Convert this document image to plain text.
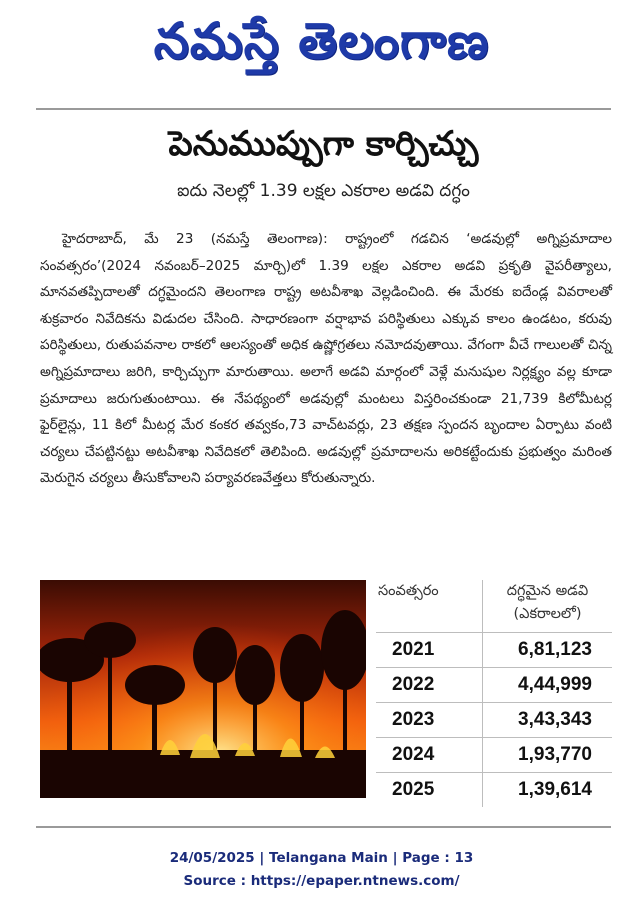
నమస్తే తెలంగాణ
పెనుముప్పుగా కార్చిచ్చు
ఐదు నెలల్లో 1.39 లక్షల ఎకరాల అడవి దగ్ధం

హైదరాబాద్, మే 23 (నమస్తే తెలంగాణ): రాష్ట్రంలో గడచిన ‘అడవుల్లో అగ్నిప్రమాదాల సంవత్సరం’(2024 నవంబర్–2025 మార్చి)లో 1.39 లక్షల ఎకరాల అడవి ప్రకృతి వైపరీత్యాలు, మానవతప్పిదాలతో దగ్ధమైందని తెలంగాణ రాష్ట్ర అటవీశాఖ వెల్లడించింది. ఈ మేరకు ఐదేండ్ల వివరాలతో శుక్రవారం నివేదికను విడుదల చేసింది. సాధారణంగా వర్షాభావ పరిస్థితులు ఎక్కువ కాలం ఉండటం, కరువు పరిస్థితులు, రుతుపవనాల రాకలో ఆలస్యంతో అధిక ఉష్ణోగ్రతలు నమోదవుతాయి. వేగంగా వీచే గాలులతో చిన్న అగ్నిప్రమాదాలు జరిగి, కార్చిచ్చుగా మారుతాయి. అలాగే అడవి మార్గంలో వెళ్లే మనుషుల నిర్లక్ష్యం వల్ల కూడా ప్రమాదాలు జరుగుతుంటాయి. ఈ నేపథ్యంలో అడవుల్లో మంటలు విస్తరించకుండా 21,739 కిలోమీటర్ల ఫైర్‌లైన్లు, 11 కిలో మీటర్ల మేర కంకర తవ్వకం,73 వాచ్‌టవర్లు, 23 తక్షణ స్పందన బృందాల ఏర్పాటు వంటి చర్యలు చేపట్టినట్టు అటవీశాఖ నివేదికలో తెలిపింది. అడవుల్లో ప్రమాదాలను అరికట్టేందుకు ప్రభుత్వం మరింత మెరుగైన చర్యలు తీసుకోవాలని పర్యావరణవేత్తలు కోరుతున్నారు.

సంవత్సరం	దగ్ధమైన అడవి (ఎకరాలలో)
2021	6,81,123
2022	4,44,999
2023	3,43,343
2024	1,93,770
2025	1,39,614
24/05/2025 | Telangana Main | Page : 13
Source : https://epaper.ntnews.com/
